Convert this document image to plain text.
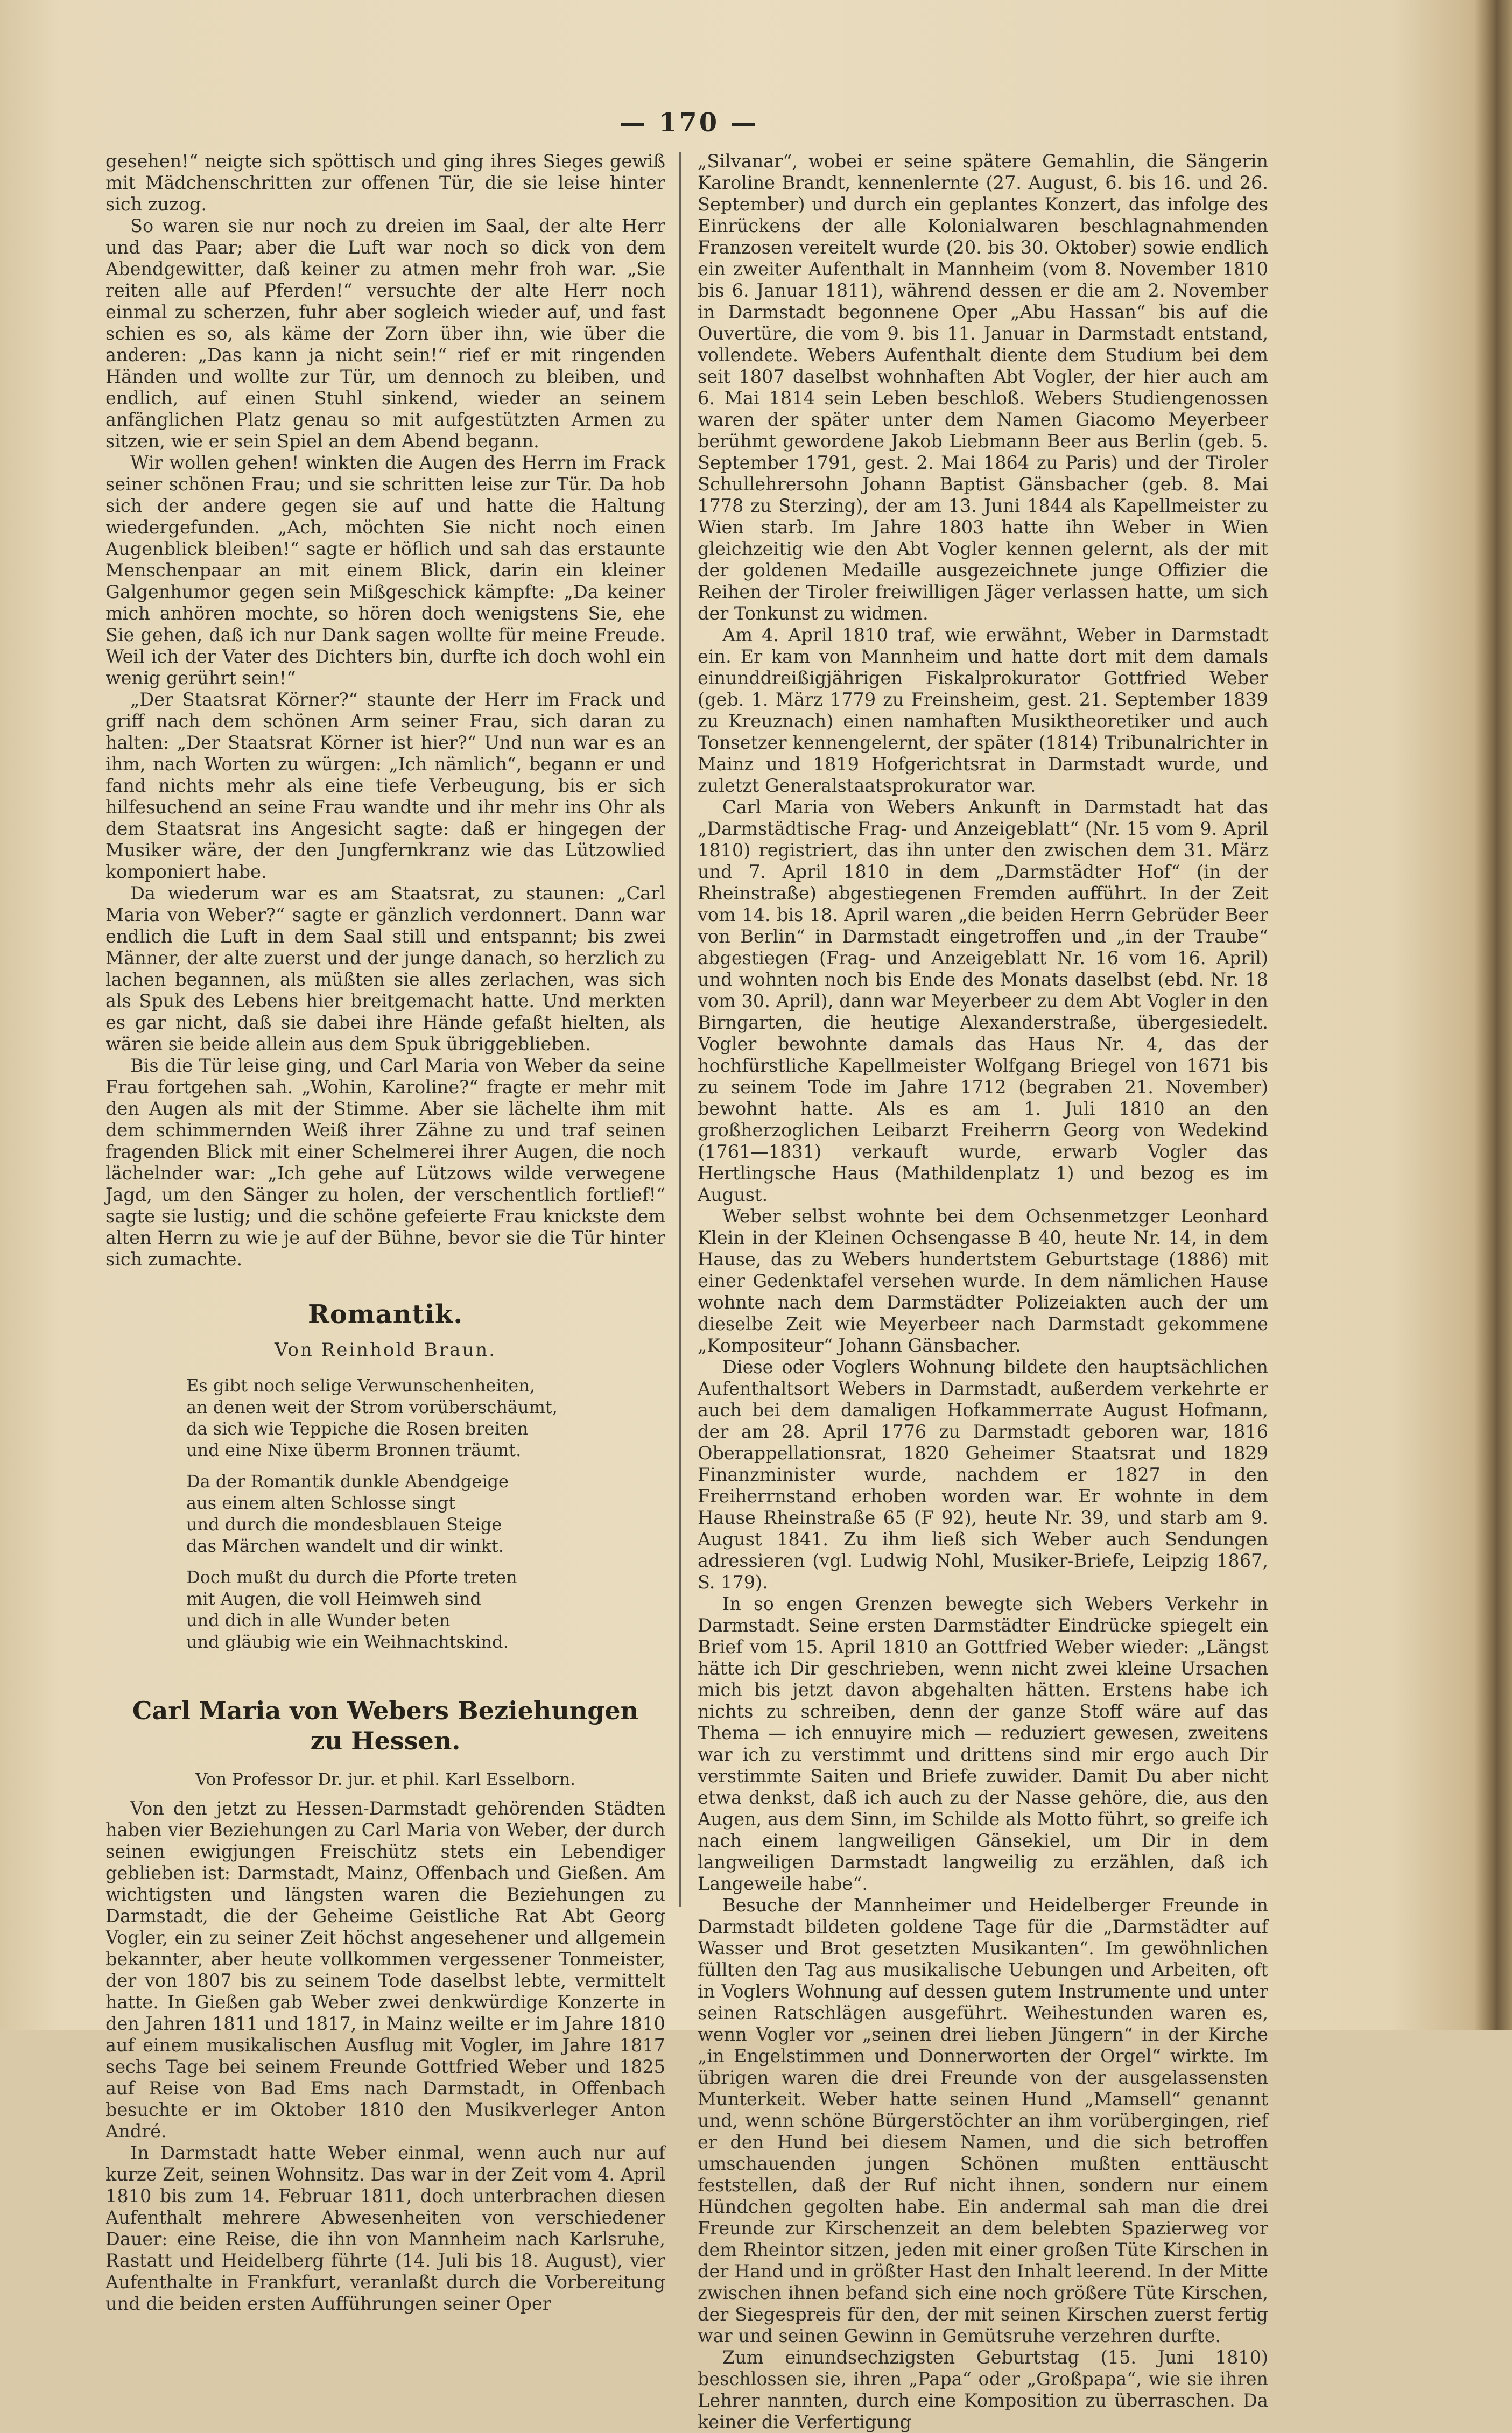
— 170 —

gesehen!“ neigte sich spöttisch und ging ihres Sieges gewiß mit Mädchenschritten zur offenen Tür, die sie leise hinter sich zuzog.

So waren sie nur noch zu dreien im Saal, der alte Herr und das Paar; aber die Luft war noch so dick von dem Abendgewitter, daß keiner zu atmen mehr froh war. „Sie reiten alle auf Pferden!“ versuchte der alte Herr noch einmal zu scherzen, fuhr aber sogleich wieder auf, und fast schien es so, als käme der Zorn über ihn, wie über die anderen: „Das kann ja nicht sein!“ rief er mit ringenden Händen und wollte zur Tür, um dennoch zu bleiben, und endlich, auf einen Stuhl sinkend, wieder an seinem anfänglichen Platz genau so mit aufgestützten Armen zu sitzen, wie er sein Spiel an dem Abend begann.

Wir wollen gehen! winkten die Augen des Herrn im Frack seiner schönen Frau; und sie schritten leise zur Tür. Da hob sich der andere gegen sie auf und hatte die Haltung wiedergefunden. „Ach, möchten Sie nicht noch einen Augenblick bleiben!“ sagte er höflich und sah das erstaunte Menschenpaar an mit einem Blick, darin ein kleiner Galgenhumor gegen sein Mißgeschick kämpfte: „Da keiner mich anhören mochte, so hören doch wenigstens Sie, ehe Sie gehen, daß ich nur Dank sagen wollte für meine Freude. Weil ich der Vater des Dichters bin, durfte ich doch wohl ein wenig gerührt sein!“

„Der Staatsrat Körner?“ staunte der Herr im Frack und griff nach dem schönen Arm seiner Frau, sich daran zu halten: „Der Staatsrat Körner ist hier?“ Und nun war es an ihm, nach Worten zu würgen: „Ich nämlich“, begann er und fand nichts mehr als eine tiefe Verbeugung, bis er sich hilfesuchend an seine Frau wandte und ihr mehr ins Ohr als dem Staatsrat ins Angesicht sagte: daß er hingegen der Musiker wäre, der den Jungfernkranz wie das Lützowlied komponiert habe.

Da wiederum war es am Staatsrat, zu staunen: „Carl Maria von Weber?“ sagte er gänzlich verdonnert. Dann war endlich die Luft in dem Saal still und entspannt; bis zwei Männer, der alte zuerst und der junge danach, so herzlich zu lachen begannen, als müßten sie alles zerlachen, was sich als Spuk des Lebens hier breitgemacht hatte. Und merkten es gar nicht, daß sie dabei ihre Hände gefaßt hielten, als wären sie beide allein aus dem Spuk übriggeblieben.

Bis die Tür leise ging, und Carl Maria von Weber da seine Frau fortgehen sah. „Wohin, Karoline?“ fragte er mehr mit den Augen als mit der Stimme. Aber sie lächelte ihm mit dem schimmernden Weiß ihrer Zähne zu und traf seinen fragenden Blick mit einer Schelmerei ihrer Augen, die noch lächelnder war: „Ich gehe auf Lützows wilde verwegene Jagd, um den Sänger zu holen, der verschentlich fortlief!“ sagte sie lustig; und die schöne gefeierte Frau knickste dem alten Herrn zu wie je auf der Bühne, bevor sie die Tür hinter sich zumachte.

Romantik.
Von Reinhold Braun.
Es gibt noch selige Verwunschenheiten,
an denen weit der Strom vorüberschäumt,
da sich wie Teppiche die Rosen breiten
und eine Nixe überm Bronnen träumt.
Da der Romantik dunkle Abendgeige
aus einem alten Schlosse singt
und durch die mondesblauen Steige
das Märchen wandelt und dir winkt.
Doch mußt du durch die Pforte treten
mit Augen, die voll Heimweh sind
und dich in alle Wunder beten
und gläubig wie ein Weihnachtskind.
Carl Maria von Webers Beziehungen
zu Hessen.
Von Professor Dr. jur. et phil. Karl Esselborn.

Von den jetzt zu Hessen-Darmstadt gehörenden Städten haben vier Beziehungen zu Carl Maria von Weber, der durch seinen ewigjungen Freischütz stets ein Lebendiger geblieben ist: Darmstadt, Mainz, Offenbach und Gießen. Am wichtigsten und längsten waren die Beziehungen zu Darmstadt, die der Geheime Geistliche Rat Abt Georg Vogler, ein zu seiner Zeit höchst angesehener und allgemein bekannter, aber heute vollkommen vergessener Tonmeister, der von 1807 bis zu seinem Tode daselbst lebte, vermittelt hatte. In Gießen gab Weber zwei denkwürdige Konzerte in den Jahren 1811 und 1817, in Mainz weilte er im Jahre 1810 auf einem musikalischen Ausflug mit Vogler, im Jahre 1817 sechs Tage bei seinem Freunde Gottfried Weber und 1825 auf Reise von Bad Ems nach Darmstadt, in Offenbach besuchte er im Oktober 1810 den Musikverleger Anton André.

In Darmstadt hatte Weber einmal, wenn auch nur auf kurze Zeit, seinen Wohnsitz. Das war in der Zeit vom 4. April 1810 bis zum 14. Februar 1811, doch unterbrachen diesen Aufenthalt mehrere Abwesenheiten von verschiedener Dauer: eine Reise, die ihn von Mannheim nach Karlsruhe, Rastatt und Heidelberg führte (14. Juli bis 18. August), vier Aufenthalte in Frankfurt, veranlaßt durch die Vorbereitung und die beiden ersten Aufführungen seiner Oper

„Silvanar“, wobei er seine spätere Gemahlin, die Sängerin Karoline Brandt, kennenlernte (27. August, 6. bis 16. und 26. September) und durch ein geplantes Konzert, das infolge des Einrückens der alle Kolonialwaren beschlagnahmenden Franzosen vereitelt wurde (20. bis 30. Oktober) sowie endlich ein zweiter Aufenthalt in Mannheim (vom 8. November 1810 bis 6. Januar 1811), während dessen er die am 2. November in Darmstadt begonnene Oper „Abu Hassan“ bis auf die Ouvertüre, die vom 9. bis 11. Januar in Darmstadt entstand, vollendete. Webers Aufenthalt diente dem Studium bei dem seit 1807 daselbst wohnhaften Abt Vogler, der hier auch am 6. Mai 1814 sein Leben beschloß. Webers Studiengenossen waren der später unter dem Namen Giacomo Meyerbeer berühmt gewordene Jakob Liebmann Beer aus Berlin (geb. 5. September 1791, gest. 2. Mai 1864 zu Paris) und der Tiroler Schullehrersohn Johann Baptist Gänsbacher (geb. 8. Mai 1778 zu Sterzing), der am 13. Juni 1844 als Kapellmeister zu Wien starb. Im Jahre 1803 hatte ihn Weber in Wien gleichzeitig wie den Abt Vogler kennen gelernt, als der mit der goldenen Medaille ausgezeichnete junge Offizier die Reihen der Tiroler freiwilligen Jäger verlassen hatte, um sich der Tonkunst zu widmen.

Am 4. April 1810 traf, wie erwähnt, Weber in Darmstadt ein. Er kam von Mannheim und hatte dort mit dem damals einunddreißigjährigen Fiskalprokurator Gottfried Weber (geb. 1. März 1779 zu Freinsheim, gest. 21. September 1839 zu Kreuznach) einen namhaften Musiktheoretiker und auch Tonsetzer kennengelernt, der später (1814) Tribunalrichter in Mainz und 1819 Hofgerichtsrat in Darmstadt wurde, und zuletzt Generalstaatsprokurator war.

Carl Maria von Webers Ankunft in Darmstadt hat das „Darmstädtische Frag- und Anzeigeblatt“ (Nr. 15 vom 9. April 1810) registriert, das ihn unter den zwischen dem 31. März und 7. April 1810 in dem „Darmstädter Hof“ (in der Rheinstraße) abgestiegenen Fremden aufführt. In der Zeit vom 14. bis 18. April waren „die beiden Herrn Gebrüder Beer von Berlin“ in Darmstadt eingetroffen und „in der Traube“ abgestiegen (Frag- und Anzeigeblatt Nr. 16 vom 16. April) und wohnten noch bis Ende des Monats daselbst (ebd. Nr. 18 vom 30. April), dann war Meyerbeer zu dem Abt Vogler in den Birngarten, die heutige Alexanderstraße, übergesiedelt. Vogler bewohnte damals das Haus Nr. 4, das der hochfürstliche Kapellmeister Wolfgang Briegel von 1671 bis zu seinem Tode im Jahre 1712 (begraben 21. November) bewohnt hatte. Als es am 1. Juli 1810 an den großherzoglichen Leibarzt Freiherrn Georg von Wedekind (1761—1831) verkauft wurde, erwarb Vogler das Hertlingsche Haus (Mathildenplatz 1) und bezog es im August.

Weber selbst wohnte bei dem Ochsenmetzger Leonhard Klein in der Kleinen Ochsengasse B 40, heute Nr. 14, in dem Hause, das zu Webers hundertstem Geburtstage (1886) mit einer Gedenktafel versehen wurde. In dem nämlichen Hause wohnte nach dem Darmstädter Polizeiakten auch der um dieselbe Zeit wie Meyerbeer nach Darmstadt gekommene „Kompositeur“ Johann Gänsbacher.

Diese oder Voglers Wohnung bildete den hauptsächlichen Aufenthaltsort Webers in Darmstadt, außerdem verkehrte er auch bei dem damaligen Hofkammerrate August Hofmann, der am 28. April 1776 zu Darmstadt geboren war, 1816 Oberappellationsrat, 1820 Geheimer Staatsrat und 1829 Finanzminister wurde, nachdem er 1827 in den Freiherrnstand erhoben worden war. Er wohnte in dem Hause Rheinstraße 65 (F 92), heute Nr. 39, und starb am 9. August 1841. Zu ihm ließ sich Weber auch Sendungen adressieren (vgl. Ludwig Nohl, Musiker-Briefe, Leipzig 1867, S. 179).

In so engen Grenzen bewegte sich Webers Verkehr in Darmstadt. Seine ersten Darmstädter Eindrücke spiegelt ein Brief vom 15. April 1810 an Gottfried Weber wieder: „Längst hätte ich Dir geschrieben, wenn nicht zwei kleine Ursachen mich bis jetzt davon abgehalten hätten. Erstens habe ich nichts zu schreiben, denn der ganze Stoff wäre auf das Thema — ich ennuyire mich — reduziert gewesen, zweitens war ich zu verstimmt und drittens sind mir ergo auch Dir verstimmte Saiten und Briefe zuwider. Damit Du aber nicht etwa denkst, daß ich auch zu der Nasse gehöre, die, aus den Augen, aus dem Sinn, im Schilde als Motto führt, so greife ich nach einem langweiligen Gänsekiel, um Dir in dem langweiligen Darmstadt langweilig zu erzählen, daß ich Langeweile habe“.

Besuche der Mannheimer und Heidelberger Freunde in Darmstadt bildeten goldene Tage für die „Darmstädter auf Wasser und Brot gesetzten Musikanten“. Im gewöhnlichen füllten den Tag aus musikalische Uebungen und Arbeiten, oft in Voglers Wohnung auf dessen gutem Instrumente und unter seinen Ratschlägen ausgeführt. Weihestunden waren es, wenn Vogler vor „seinen drei lieben Jüngern“ in der Kirche „in Engelstimmen und Donnerworten der Orgel“ wirkte. Im übrigen waren die drei Freunde von der ausgelassensten Munterkeit. Weber hatte seinen Hund „Mamsell“ genannt und, wenn schöne Bürgerstöchter an ihm vorübergingen, rief er den Hund bei diesem Namen, und die sich betroffen umschauenden jungen Schönen mußten enttäuscht feststellen, daß der Ruf nicht ihnen, sondern nur einem Hündchen gegolten habe. Ein andermal sah man die drei Freunde zur Kirschenzeit an dem belebten Spazierweg vor dem Rheintor sitzen, jeden mit einer großen Tüte Kirschen in der Hand und in größter Hast den Inhalt leerend. In der Mitte zwischen ihnen befand sich eine noch größere Tüte Kirschen, der Siegespreis für den, der mit seinen Kirschen zuerst fertig war und seinen Gewinn in Gemütsruhe verzehren durfte.

Zum einundsechzigsten Geburtstag (15. Juni 1810) beschlossen sie, ihren „Papa“ oder „Großpapa“, wie sie ihren Lehrer nannten, durch eine Komposition zu überraschen. Da keiner die Verfertigung
